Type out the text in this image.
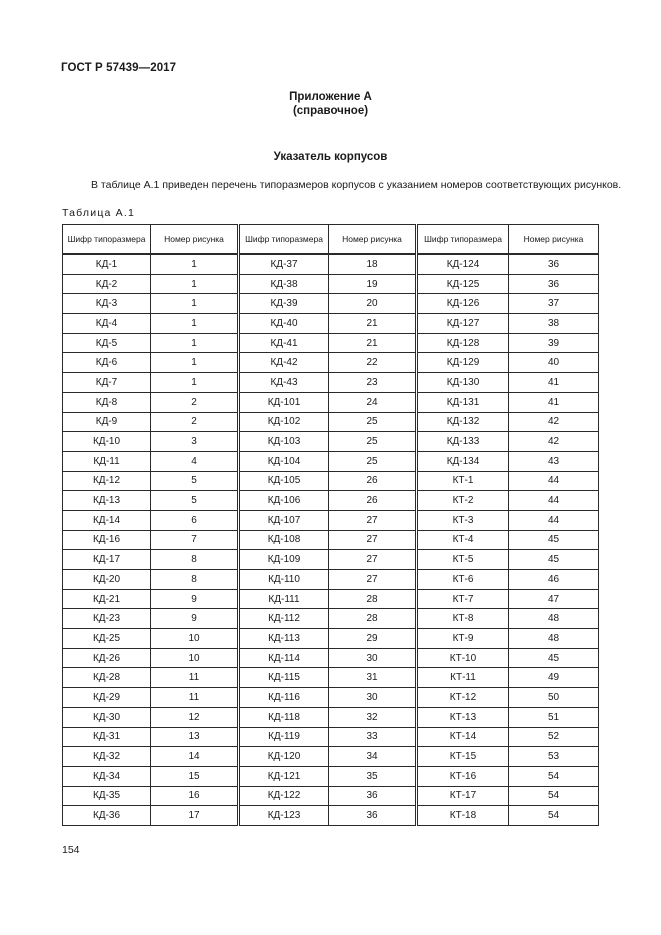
ГОСТ Р 57439—2017
Приложение А
(справочное)
Указатель корпусов
В таблице А.1 приведен перечень типоразмеров корпусов с указанием номеров соответствующих рисунков.
Таблица А.1
Шифр типоразмера	Номер рисунка	Шифр типоразмера	Номер рисунка	Шифр типоразмера	Номер рисунка
КД-1	1	КД-37	18	КД-124	36
КД-2	1	КД-38	19	КД-125	36
КД-3	1	КД-39	20	КД-126	37
КД-4	1	КД-40	21	КД-127	38
КД-5	1	КД-41	21	КД-128	39
КД-6	1	КД-42	22	КД-129	40
КД-7	1	КД-43	23	КД-130	41
КД-8	2	КД-101	24	КД-131	41
КД-9	2	КД-102	25	КД-132	42
КД-10	3	КД-103	25	КД-133	42
КД-11	4	КД-104	25	КД-134	43
КД-12	5	КД-105	26	КТ-1	44
КД-13	5	КД-106	26	КТ-2	44
КД-14	6	КД-107	27	КТ-3	44
КД-16	7	КД-108	27	КТ-4	45
КД-17	8	КД-109	27	КТ-5	45
КД-20	8	КД-110	27	КТ-6	46
КД-21	9	КД-111	28	КТ-7	47
КД-23	9	КД-112	28	КТ-8	48
КД-25	10	КД-113	29	КТ-9	48
КД-26	10	КД-114	30	КТ-10	45
КД-28	11	КД-115	31	КТ-11	49
КД-29	11	КД-116	30	КТ-12	50
КД-30	12	КД-118	32	КТ-13	51
КД-31	13	КД-119	33	КТ-14	52
КД-32	14	КД-120	34	КТ-15	53
КД-34	15	КД-121	35	КТ-16	54
КД-35	16	КД-122	36	КТ-17	54
КД-36	17	КД-123	36	КТ-18	54
154
